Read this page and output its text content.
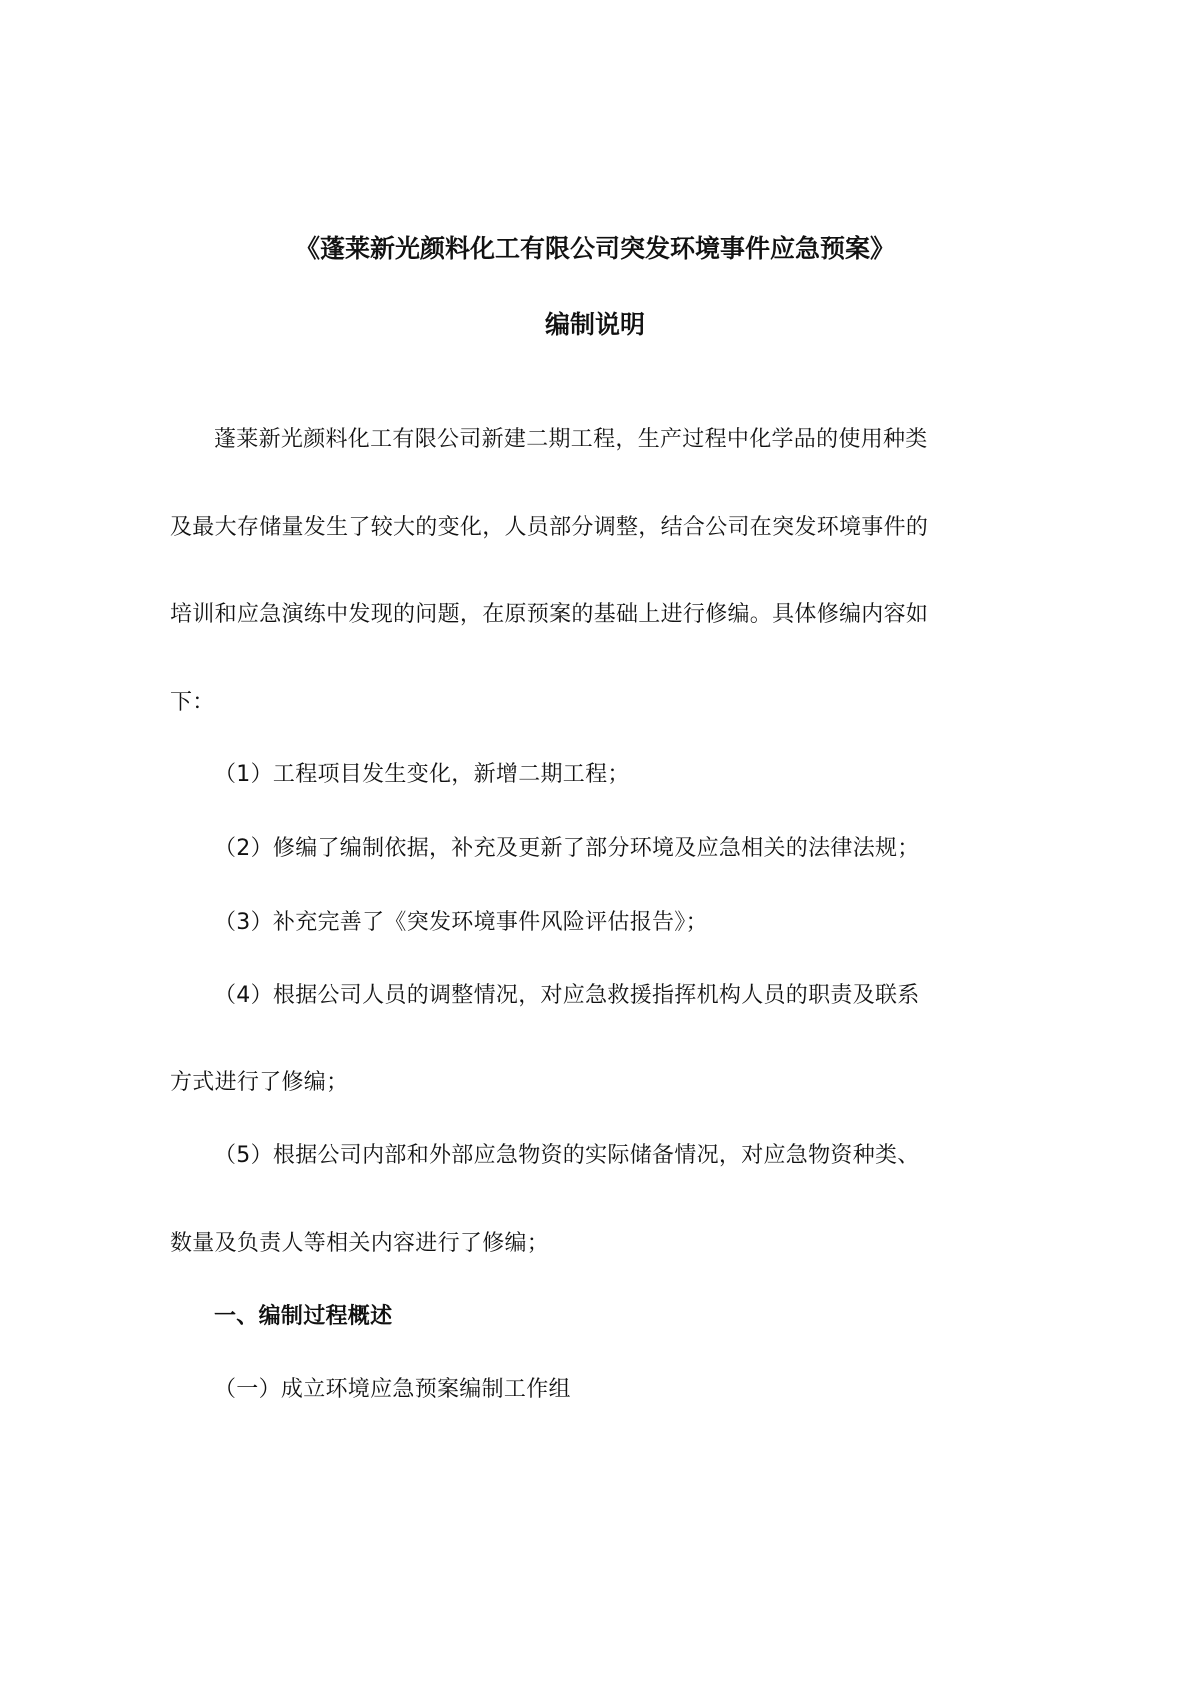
《蓬莱新光颜料化工有限公司突发环境事件应急预案》
编制说明
蓬莱新光颜料化工有限公司新建二期工程，生产过程中化学品的使用种类
及最大存储量发生了较大的变化，人员部分调整，结合公司在突发环境事件的
培训和应急演练中发现的问题，在原预案的基础上进行修编。具体修编内容如
下：
（1）工程项目发生变化，新增二期工程；
（2）修编了编制依据，补充及更新了部分环境及应急相关的法律法规；
（3）补充完善了《突发环境事件风险评估报告》；
（4）根据公司人员的调整情况，对应急救援指挥机构人员的职责及联系
方式进行了修编；
（5）根据公司内部和外部应急物资的实际储备情况，对应急物资种类、
数量及负责人等相关内容进行了修编；
一、编制过程概述
（一）成立环境应急预案编制工作组
